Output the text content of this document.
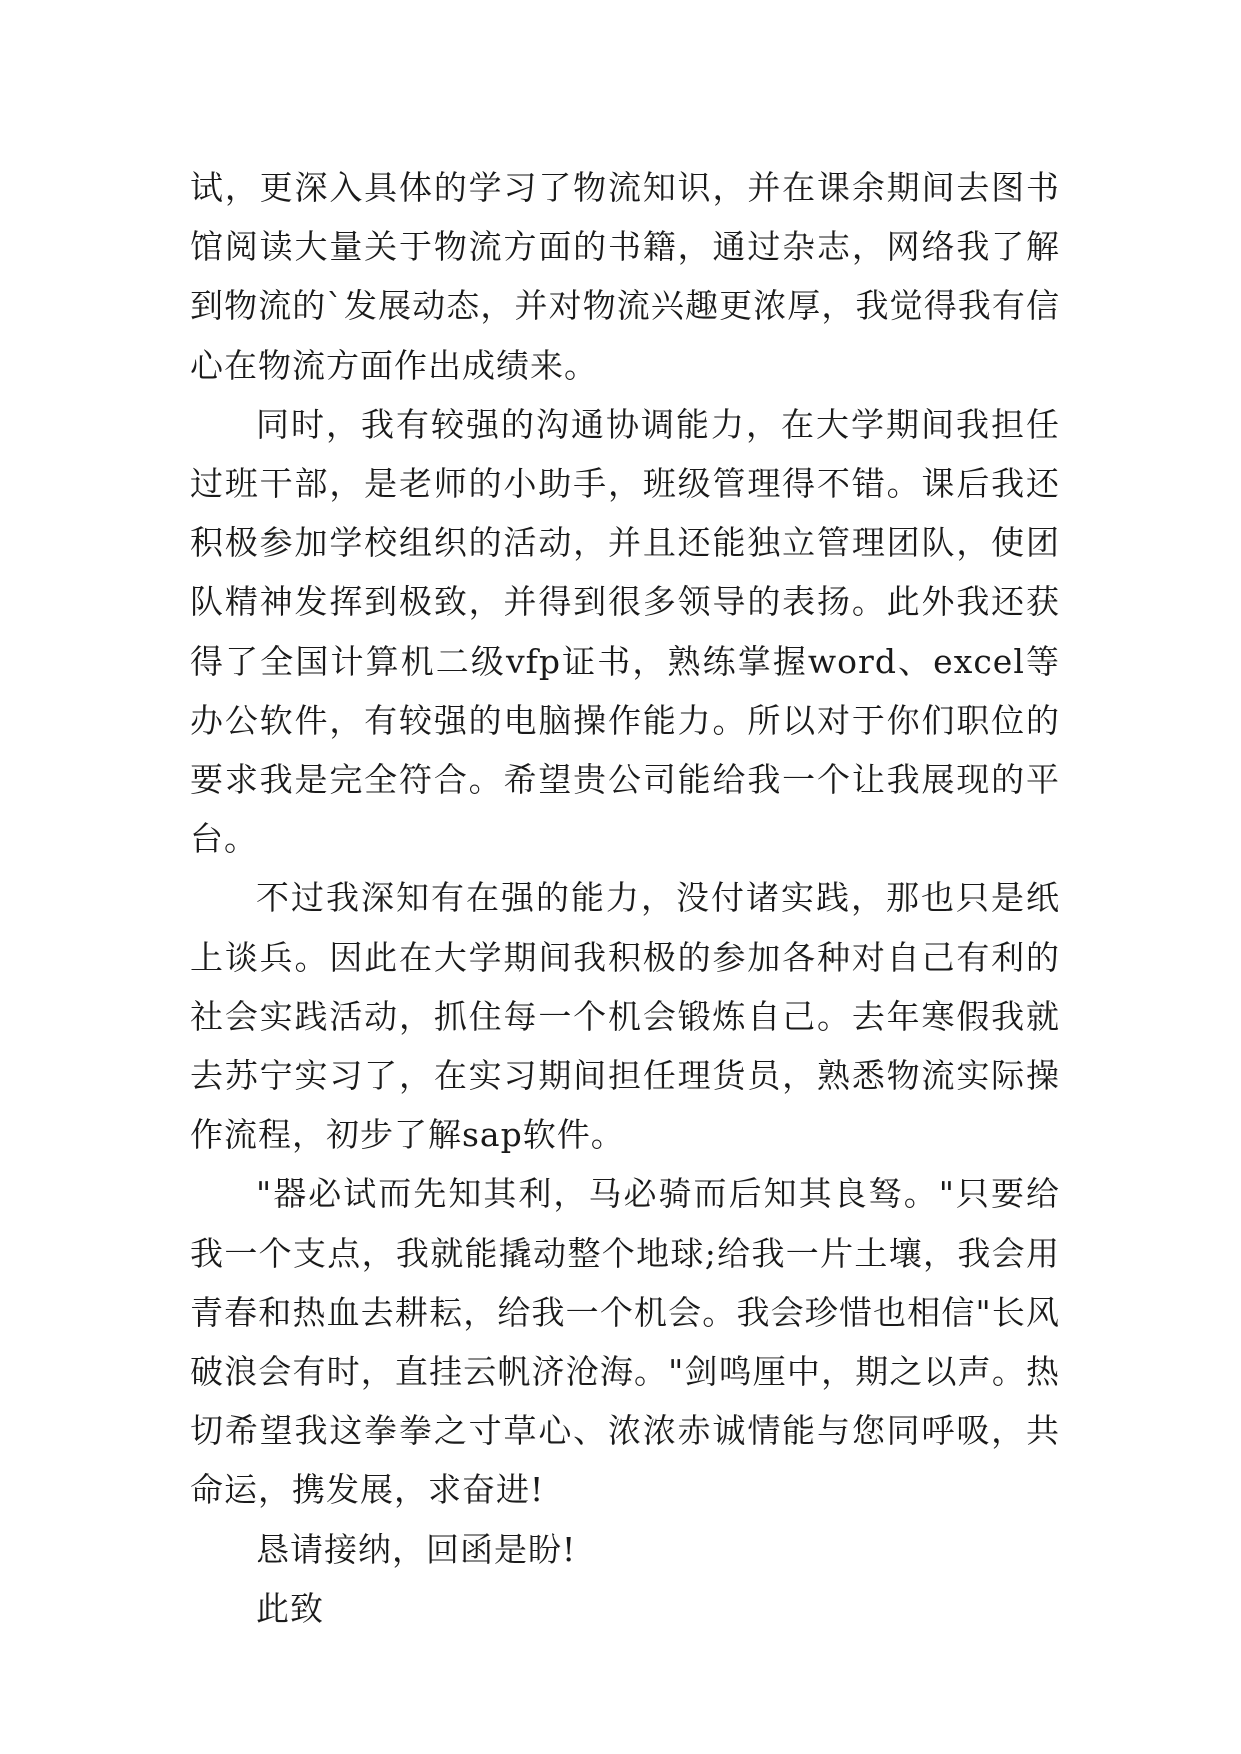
试，更深入具体的学习了物流知识，并在课余期间去图书馆阅读大量关于物流方面的书籍，通过杂志，网络我了解到物流的`发展动态，并对物流兴趣更浓厚，我觉得我有信心在物流方面作出成绩来。

同时，我有较强的沟通协调能力，在大学期间我担任过班干部，是老师的小助手，班级管理得不错。课后我还积极参加学校组织的活动，并且还能独立管理团队，使团队精神发挥到极致，并得到很多领导的表扬。此外我还获得了全国计算机二级vfp证书，熟练掌握word、excel等办公软件，有较强的电脑操作能力。所以对于你们职位的要求我是完全符合。希望贵公司能给我一个让我展现的平台。

不过我深知有在强的能力，没付诸实践，那也只是纸上谈兵。因此在大学期间我积极的参加各种对自己有利的社会实践活动，抓住每一个机会锻炼自己。去年寒假我就去苏宁实习了，在实习期间担任理货员，熟悉物流实际操作流程，初步了解sap软件。

"器必试而先知其利，马必骑而后知其良驽。"只要给我一个支点，我就能撬动整个地球;给我一片土壤，我会用青春和热血去耕耘，给我一个机会。我会珍惜也相信"长风破浪会有时，直挂云帆济沧海。"剑鸣厘中，期之以声。热切希望我这拳拳之寸草心、浓浓赤诚情能与您同呼吸，共命运，携发展，求奋进!

恳请接纳，回函是盼!

此致
